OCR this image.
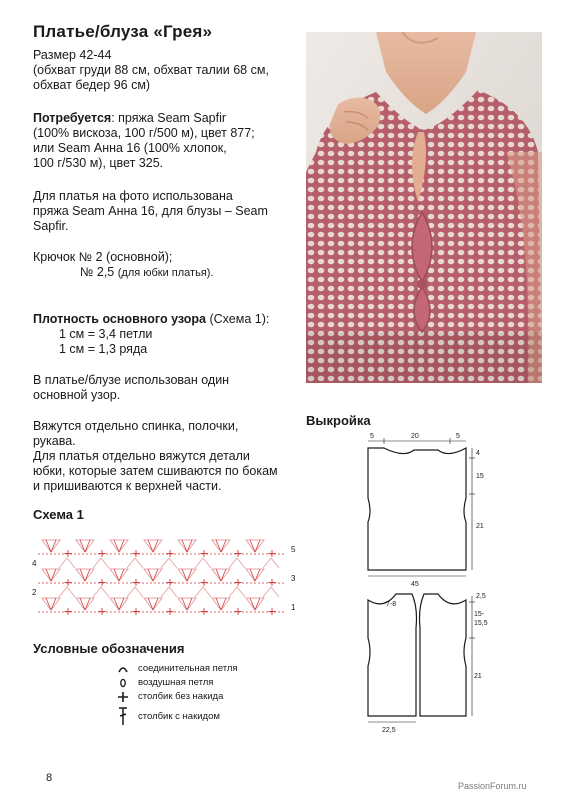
Платье/блуза «Грея»
Размер 42-44
(обхват груди 88 см, обхват талии 68 см,
обхват бедер 96 см)
Потребуется: пряжа Seam Sapfir
(100% вискоза, 100 г/500 м), цвет 877;
или Seam Анна 16 (100% хлопок,
100 г/530 м), цвет 325.
Для платья на фото использована
пряжа Seam Анна 16, для блузы – Seam
Sapfir.
Крючок № 2 (основной);
№ 2,5 (для юбки платья).
Плотность основного узора (Схема 1):
1 см = 3,4 петли
1 см = 1,3 ряда
В платье/блузе использован один
основной узор.
Вяжутся отдельно спинка, полочки,
рукава.
Для платья отдельно вяжутся детали
юбки, которые затем сшиваются по бокам
и пришиваются к верхней части.
Схема 1
5
3
1
4
2
Условные обозначения
соединительная петля
воздушная петля
столбик без накида
столбик с накидом
Выкройка
5	20	5
4
15
21
45
7-8
2,5
15-
15,5
21
22,5
8
PassionForum.ru
